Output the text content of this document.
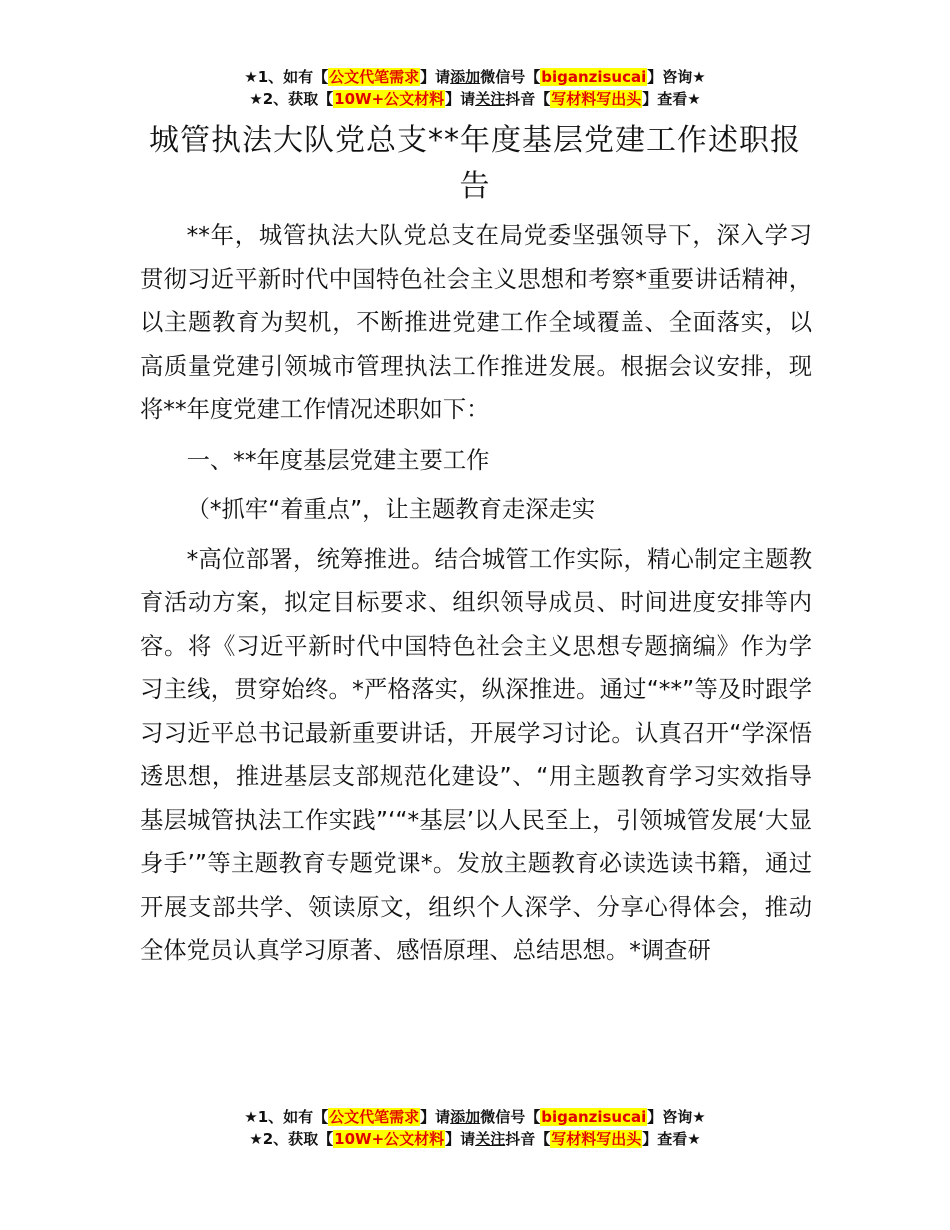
★1、如有【公文代笔需求】请添加微信号【biganzisucai】咨询★
★2、获取【10W+公文材料】请关注抖音【写材料写出头】查看★
城管执法大队党总支**年度基层党建工作述职报告

**年，城管执法大队党总支在局党委坚强领导下，深入学习贯彻习近平新时代中国特色社会主义思想和考察*重要讲话精神，以主题教育为契机，不断推进党建工作全域覆盖、全面落实，以高质量党建引领城市管理执法工作推进发展。根据会议安排，现将**年度党建工作情况述职如下：

一、**年度基层党建主要工作

（*抓牢“着重点”，让主题教育走深走实

*高位部署，统筹推进。结合城管工作实际，精心制定主题教育活动方案，拟定目标要求、组织领导成员、时间进度安排等内容。将《习近平新时代中国特色社会主义思想专题摘编》作为学习主线，贯穿始终。*严格落实，纵深推进。通过“**”等及时跟学习习近平总书记最新重要讲话，开展学习讨论。认真召开“学深悟透思想，推进基层支部规范化建设”、“用主题教育学习实效指导基层城管执法工作实践”‘“*基层’以人民至上，引领城管发展‘大显身手’”等主题教育专题党课*。发放主题教育必读选读书籍，通过开展支部共学、领读原文，组织个人深学、分享心得体会，推动全体党员认真学习原著、感悟原理、总结思想。*调查研

★1、如有【公文代笔需求】请添加微信号【biganzisucai】咨询★
★2、获取【10W+公文材料】请关注抖音【写材料写出头】查看★
